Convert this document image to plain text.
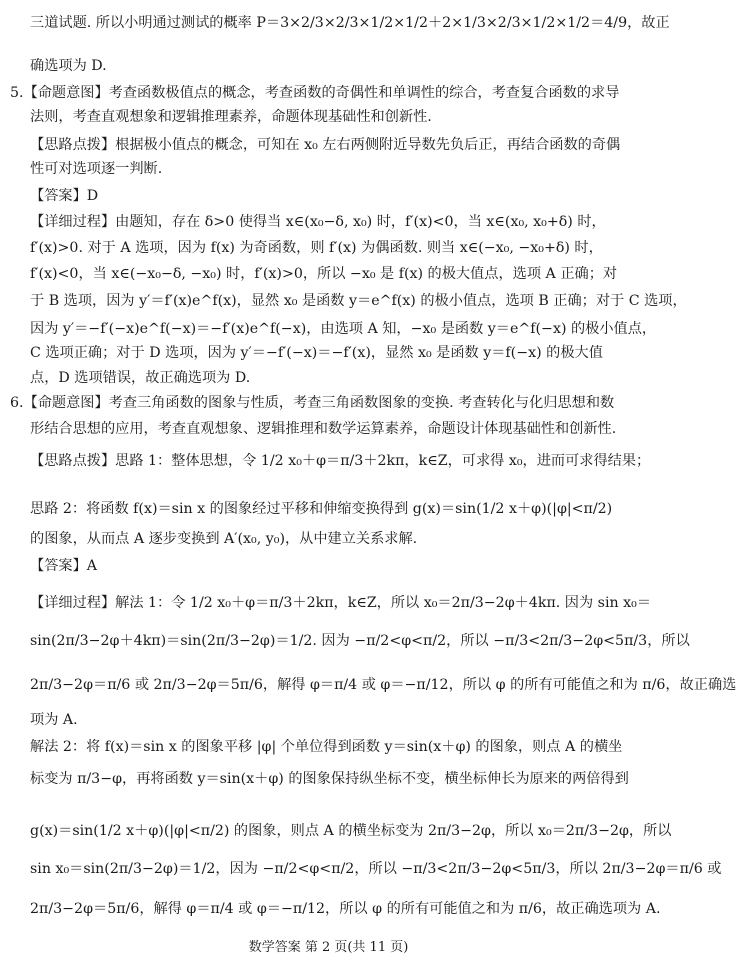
三道试题. 所以小明通过测试的概率 P＝3×2/3×2/3×1/2×1/2＋2×1/3×2/3×1/2×1/2＝4/9，故正
确选项为 D.
5.【命题意图】考查函数极值点的概念，考查函数的奇偶性和单调性的综合，考查复合函数的求导
法则，考查直观想象和逻辑推理素养，命题体现基础性和创新性.
【思路点拨】根据极小值点的概念，可知在 x₀ 左右两侧附近导数先负后正，再结合函数的奇偶
性可对选项逐一判断.
【答案】D
【详细过程】由题知，存在 δ>0 使得当 x∈(x₀−δ, x₀) 时，f′(x)<0，当 x∈(x₀, x₀+δ) 时，
f′(x)>0. 对于 A 选项，因为 f(x) 为奇函数，则 f′(x) 为偶函数. 则当 x∈(−x₀, −x₀+δ) 时，
f′(x)<0，当 x∈(−x₀−δ, −x₀) 时，f′(x)>0，所以 −x₀ 是 f(x) 的极大值点，选项 A 正确；对
于 B 选项，因为 y′＝f′(x)e^f(x)，显然 x₀ 是函数 y＝e^f(x) 的极小值点，选项 B 正确；对于 C 选项，
因为 y′＝−f′(−x)e^f(−x)＝−f′(x)e^f(−x)，由选项 A 知，−x₀ 是函数 y＝e^f(−x) 的极小值点，
C 选项正确；对于 D 选项，因为 y′＝−f′(−x)＝−f′(x)，显然 x₀ 是函数 y＝f(−x) 的极大值
点，D 选项错误，故正确选项为 D.
6.【命题意图】考查三角函数的图象与性质，考查三角函数图象的变换. 考查转化与化归思想和数
形结合思想的应用，考查直观想象、逻辑推理和数学运算素养，命题设计体现基础性和创新性.
【思路点拨】思路 1：整体思想，令 1/2 x₀＋φ＝π/3＋2kπ，k∈Z，可求得 x₀，进而可求得结果；
思路 2：将函数 f(x)＝sin x 的图象经过平移和伸缩变换得到 g(x)＝sin(1/2 x＋φ)(|φ|<π/2)
的图象，从而点 A 逐步变换到 A′(x₀, y₀)，从中建立关系求解.
【答案】A
【详细过程】解法 1：令 1/2 x₀＋φ＝π/3＋2kπ，k∈Z，所以 x₀＝2π/3−2φ＋4kπ. 因为 sin x₀＝
sin(2π/3−2φ＋4kπ)＝sin(2π/3−2φ)＝1/2. 因为 −π/2<φ<π/2，所以 −π/3<2π/3−2φ<5π/3，所以
2π/3−2φ＝π/6 或 2π/3−2φ＝5π/6，解得 φ＝π/4 或 φ＝−π/12，所以 φ 的所有可能值之和为 π/6，故正确选
项为 A.
解法 2：将 f(x)＝sin x 的图象平移 |φ| 个单位得到函数 y＝sin(x＋φ) 的图象，则点 A 的横坐
标变为 π/3−φ，再将函数 y＝sin(x＋φ) 的图象保持纵坐标不变，横坐标伸长为原来的两倍得到
g(x)＝sin(1/2 x＋φ)(|φ|<π/2) 的图象，则点 A 的横坐标变为 2π/3−2φ，所以 x₀＝2π/3−2φ，所以
sin x₀＝sin(2π/3−2φ)＝1/2，因为 −π/2<φ<π/2，所以 −π/3<2π/3−2φ<5π/3，所以 2π/3−2φ＝π/6 或
2π/3−2φ＝5π/6，解得 φ＝π/4 或 φ＝−π/12，所以 φ 的所有可能值之和为 π/6，故正确选项为 A.
数学答案 第 2 页(共 11 页)
